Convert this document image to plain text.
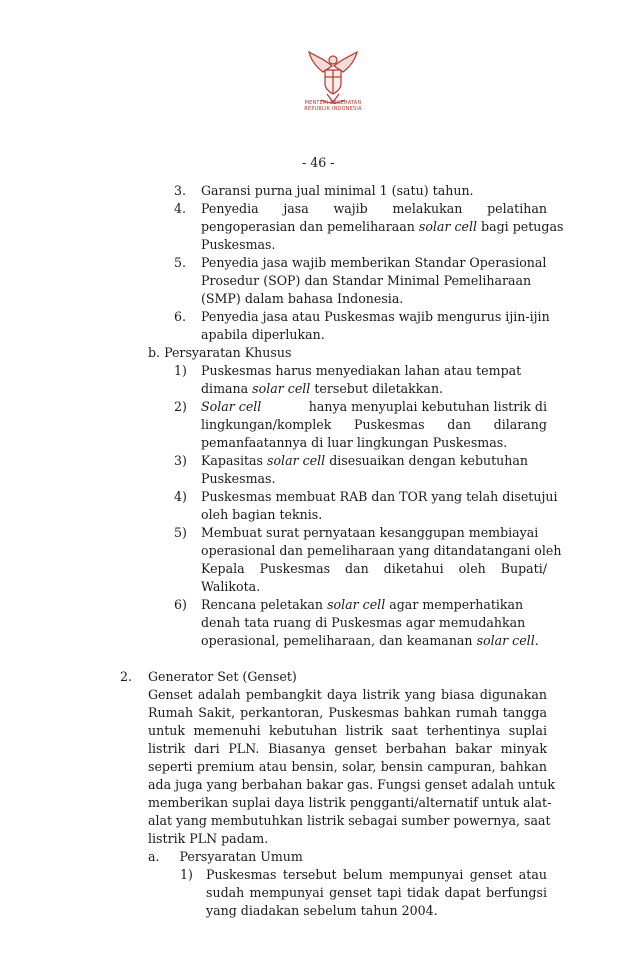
MENTERI KESEHATAN
REPUBLIK INDONESIA
- 46 -
3. Garansi purna jual minimal 1 (satu) tahun.
4. Penyedia jasa wajib melakukan pelatihan
pengoperasian dan pemeliharaan solar cell bagi petugas
Puskesmas.
5. Penyedia jasa wajib memberikan Standar Operasional
Prosedur (SOP) dan Standar Minimal Pemeliharaan
(SMP) dalam bahasa Indonesia.
6. Penyedia jasa atau Puskesmas wajib mengurus ijin-ijin
apabila diperlukan.
b. Persyaratan Khusus
1) Puskesmas harus menyediakan lahan atau tempat
dimana solar cell tersebut diletakkan.
2) Solar cell	hanya menyuplai kebutuhan listrik di
lingkungan/komplek Puskesmas dan dilarang
pemanfaatannya di luar lingkungan Puskesmas.
3) Kapasitas solar cell disesuaikan dengan kebutuhan
Puskesmas.
4) Puskesmas membuat RAB dan TOR yang telah disetujui
oleh bagian teknis.
5) Membuat surat pernyataan kesanggupan membiayai
operasional dan pemeliharaan yang ditandatangani oleh
Kepala Puskesmas dan diketahui oleh Bupati/
Walikota.
6) Rencana peletakan solar cell agar memperhatikan
denah tata ruang di Puskesmas agar memudahkan
operasional, pemeliharaan, dan keamanan solar cell.
2. Generator Set (Genset)
Genset adalah pembangkit daya listrik yang biasa digunakan
Rumah Sakit, perkantoran, Puskesmas bahkan rumah tangga
untuk memenuhi kebutuhan listrik saat terhentinya suplai
listrik dari PLN. Biasanya genset berbahan bakar minyak
seperti premium atau bensin, solar, bensin campuran, bahkan
ada juga yang berbahan bakar gas. Fungsi genset adalah untuk
memberikan suplai daya listrik pengganti/alternatif untuk alat-
alat yang membutuhkan listrik sebagai sumber powernya, saat
listrik PLN padam.
a.     Persyaratan Umum
1) Puskesmas tersebut belum mempunyai genset atau
sudah mempunyai genset tapi tidak dapat berfungsi
yang diadakan sebelum tahun 2004.
